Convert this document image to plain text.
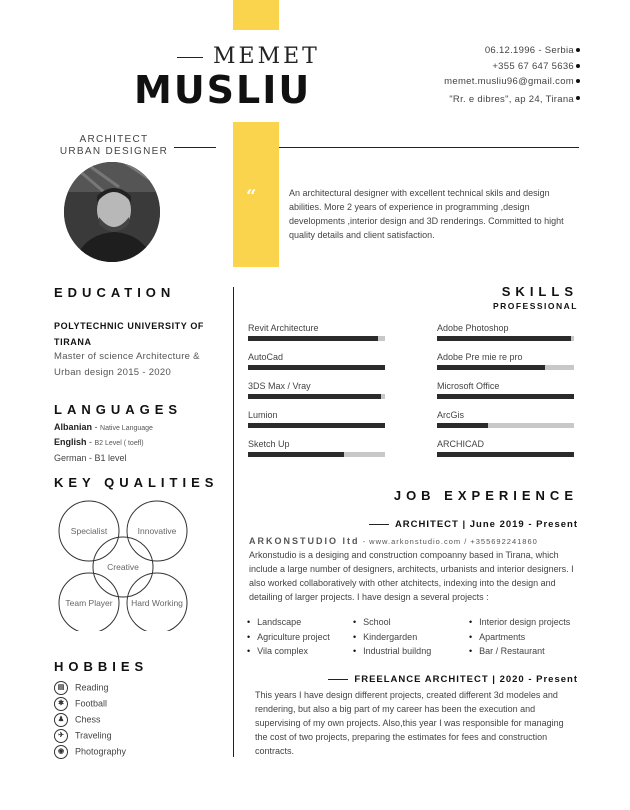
“
MEMET
MUSLIU
06.12.1996 - Serbia
+355 67 647 5636
memet.musliu96@gmail.com
"Rr. e dibres", ap 24, Tirana
ARCHITECT
URBAN DESIGNER
An architectural designer with excellent technical skils and design abilities. More 2 years of experience in programming ,design developments ,interior design and 3D renderings. Committed to hight quality details and client satisfaction.
EDUCATION
POLYTECHNIC UNIVERSITY OF TIRANA
Master of science Architecture & Urban design 2015 - 2020
LANGUAGES
Albanian - Native Language
English - B2 Level ( toefl)
German - B1 level
KEY QUALITIES
Specialist	Innovative
Creative
Team Player Hard Working
HOBBIES
▤ Reading
✱ Football
♟ Chess
✈ Traveling
◉ Photography
SKILLS
PROFESSIONAL
Revit Architecture
AutoCad
3DS Max / Vray
Lumion
Sketch Up
Adobe Photoshop
Adobe Pre mie re pro
Microsoft Office
ArcGis
ARCHICAD
JOB EXPERIENCE
ARCHITECT | June 2019 - Present
ARKONSTUDIO ltd - www.arkonstudio.com / +355692241860
Arkonstudio is a desiging and construction compoanny based in Tirana, which include a large number of designers, architects, urbanists and interior designers. I also worked collaboratively with other atchitects, indexing into the design and detailing of larger projects. I have design a several projects :
• Landscape
• Agriculture project
• Vila complex
• School
• Kindergarden
• Industrial buildng
• Interior design projects
• Apartments
• Bar / Restaurant
FREELANCE ARCHITECT | 2020 - Present
This years I have design different projects, created different 3d modeles and rendering, but also a big part of my career has been the execution and supervising of my own projects. Also,this year I was responsible for managing the cost of two projects, preparing the estimates for fees and construction contracts.
